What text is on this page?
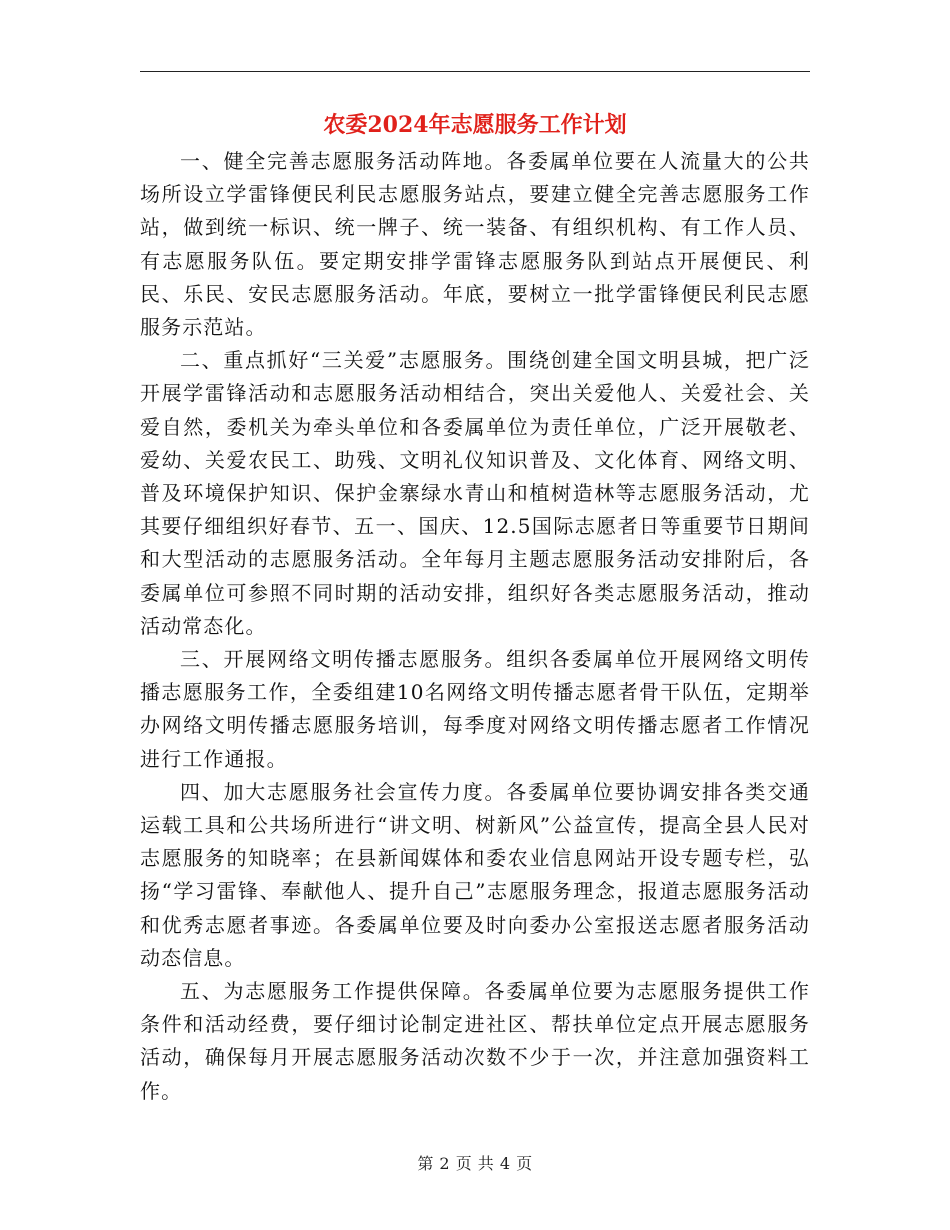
农委2024年志愿服务工作计划

一、健全完善志愿服务活动阵地。各委属单位要在人流量大的公共场所设立学雷锋便民利民志愿服务站点，要建立健全完善志愿服务工作站，做到统一标识、统一牌子、统一装备、有组织机构、有工作人员、有志愿服务队伍。要定期安排学雷锋志愿服务队到站点开展便民、利民、乐民、安民志愿服务活动。年底，要树立一批学雷锋便民利民志愿服务示范站。

二、重点抓好“三关爱”志愿服务。围绕创建全国文明县城，把广泛开展学雷锋活动和志愿服务活动相结合，突出关爱他人、关爱社会、关爱自然，委机关为牵头单位和各委属单位为责任单位，广泛开展敬老、爱幼、关爱农民工、助残、文明礼仪知识普及、文化体育、网络文明、普及环境保护知识、保护金寨绿水青山和植树造林等志愿服务活动，尤其要仔细组织好春节、五一、国庆、12.5国际志愿者日等重要节日期间和大型活动的志愿服务活动。全年每月主题志愿服务活动安排附后，各委属单位可参照不同时期的活动安排，组织好各类志愿服务活动，推动活动常态化。

三、开展网络文明传播志愿服务。组织各委属单位开展网络文明传播志愿服务工作，全委组建10名网络文明传播志愿者骨干队伍，定期举办网络文明传播志愿服务培训，每季度对网络文明传播志愿者工作情况进行工作通报。

四、加大志愿服务社会宣传力度。各委属单位要协调安排各类交通运载工具和公共场所进行“讲文明、树新风”公益宣传，提高全县人民对志愿服务的知晓率；在县新闻媒体和委农业信息网站开设专题专栏，弘扬“学习雷锋、奉献他人、提升自己”志愿服务理念，报道志愿服务活动和优秀志愿者事迹。各委属单位要及时向委办公室报送志愿者服务活动动态信息。

五、为志愿服务工作提供保障。各委属单位要为志愿服务提供工作条件和活动经费，要仔细讨论制定进社区、帮扶单位定点开展志愿服务活动，确保每月开展志愿服务活动次数不少于一次，并注意加强资料工作。

第 2 页 共 4 页
